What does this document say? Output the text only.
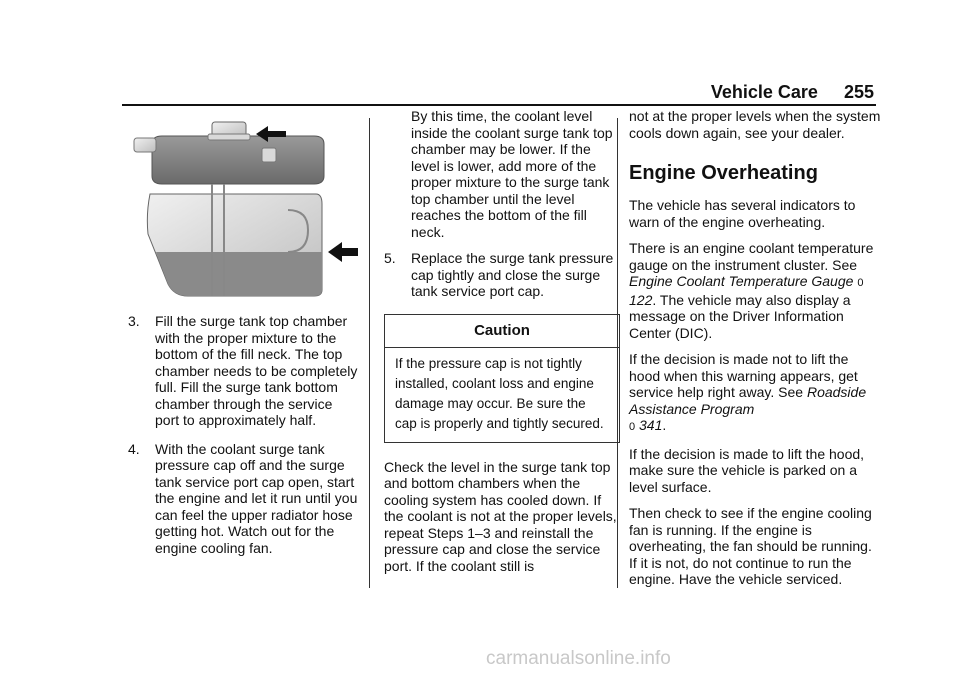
Vehicle Care 255
3. Fill the surge tank top chamber with the proper mixture to the bottom of the fill neck. The top chamber needs to be completely full. Fill the surge tank bottom chamber through the service port to approximately half.
4. With the coolant surge tank pressure cap off and the surge tank service port cap open, start the engine and let it run until you can feel the upper radiator hose getting hot. Watch out for the engine cooling fan.
By this time, the coolant level inside the coolant surge tank top chamber may be lower. If the level is lower, add more of the proper mixture to the surge tank top chamber until the level reaches the bottom of the fill neck.
5. Replace the surge tank pressure cap tightly and close the surge tank service port cap.
Caution
If the pressure cap is not tightly installed, coolant loss and engine damage may occur. Be sure the cap is properly and tightly secured.
Check the level in the surge tank top and bottom chambers when the cooling system has cooled down. If the coolant is not at the proper levels, repeat Steps 1–3 and reinstall the pressure cap and close the service port. If the coolant still is
not at the proper levels when the system cools down again, see your dealer.
Engine Overheating
The vehicle has several indicators to warn of the engine overheating.
There is an engine coolant temperature gauge on the instrument cluster. See Engine Coolant Temperature Gauge 0 122. The vehicle may also display a message on the Driver Information Center (DIC).
If the decision is made not to lift the hood when this warning appears, get service help right away. See Roadside Assistance Program
0 341.
If the decision is made to lift the hood, make sure the vehicle is parked on a level surface.
Then check to see if the engine cooling fan is running. If the engine is overheating, the fan should be running. If it is not, do not continue to run the engine. Have the vehicle serviced.
carmanualsonline.info
